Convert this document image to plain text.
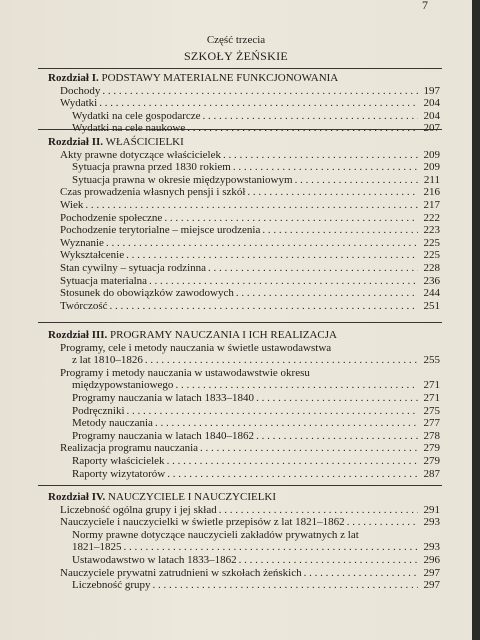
7
Część trzecia
SZKOŁY ŻEŃSKIE
Rozdział I. PODSTAWY MATERIALNE FUNKCJONOWANIA
Dochody . . .	197
Wydatki . . .	204
Wydatki na cele gospodarcze . . .	204
Wydatki na cele naukowe . . .	207
Rozdział II. WŁAŚCICIELKI
Akty prawne dotyczące właścicielek . . .	209
Sytuacja prawna przed 1830 rokiem . . .	209
Sytuacja prawna w okresie międzypowstaniowym . . .	211
Czas prowadzenia własnych pensji i szkół . . .	216
Wiek . . .	217
Pochodzenie społeczne . . .	222
Pochodzenie terytorialne – miejsce urodzenia . . .	223
Wyznanie . . .	225
Wykształcenie . . .	225
Stan cywilny – sytuacja rodzinna . . .	228
Sytuacja materialna . . .	236
Stosunek do obowiązków zawodowych . . .	244
Twórczość . . .	251
Rozdział III. PROGRAMY NAUCZANIA I ICH REALIZACJA
Programy, cele i metody nauczania w świetle ustawodawstwa
z lat 1810–1826 . . .	255
Programy i metody nauczania w ustawodawstwie okresu
międzypowstaniowego . . .	271
Programy nauczania w latach 1833–1840 . . .	271
Podręczniki . . .	275
Metody nauczania . . .	277
Programy nauczania w latach 1840–1862 . . .	278
Realizacja programu nauczania . . .	279
Raporty właścicielek . . .	279
Raporty wizytatorów . . .	287
Rozdział IV. NAUCZYCIELE I NAUCZYCIELKI
Liczebność ogólna grupy i jej skład . . .	291
Nauczyciele i nauczycielki w świetle przepisów z lat 1821–1862 . . .	293
Normy prawne dotyczące nauczycieli zakładów prywatnych z lat
1821–1825 . . .	293
Ustawodawstwo w latach 1833–1862 . . .	296
Nauczyciele prywatni zatrudnieni w szkołach żeńskich . . .	297
Liczebność grupy . . .	297
